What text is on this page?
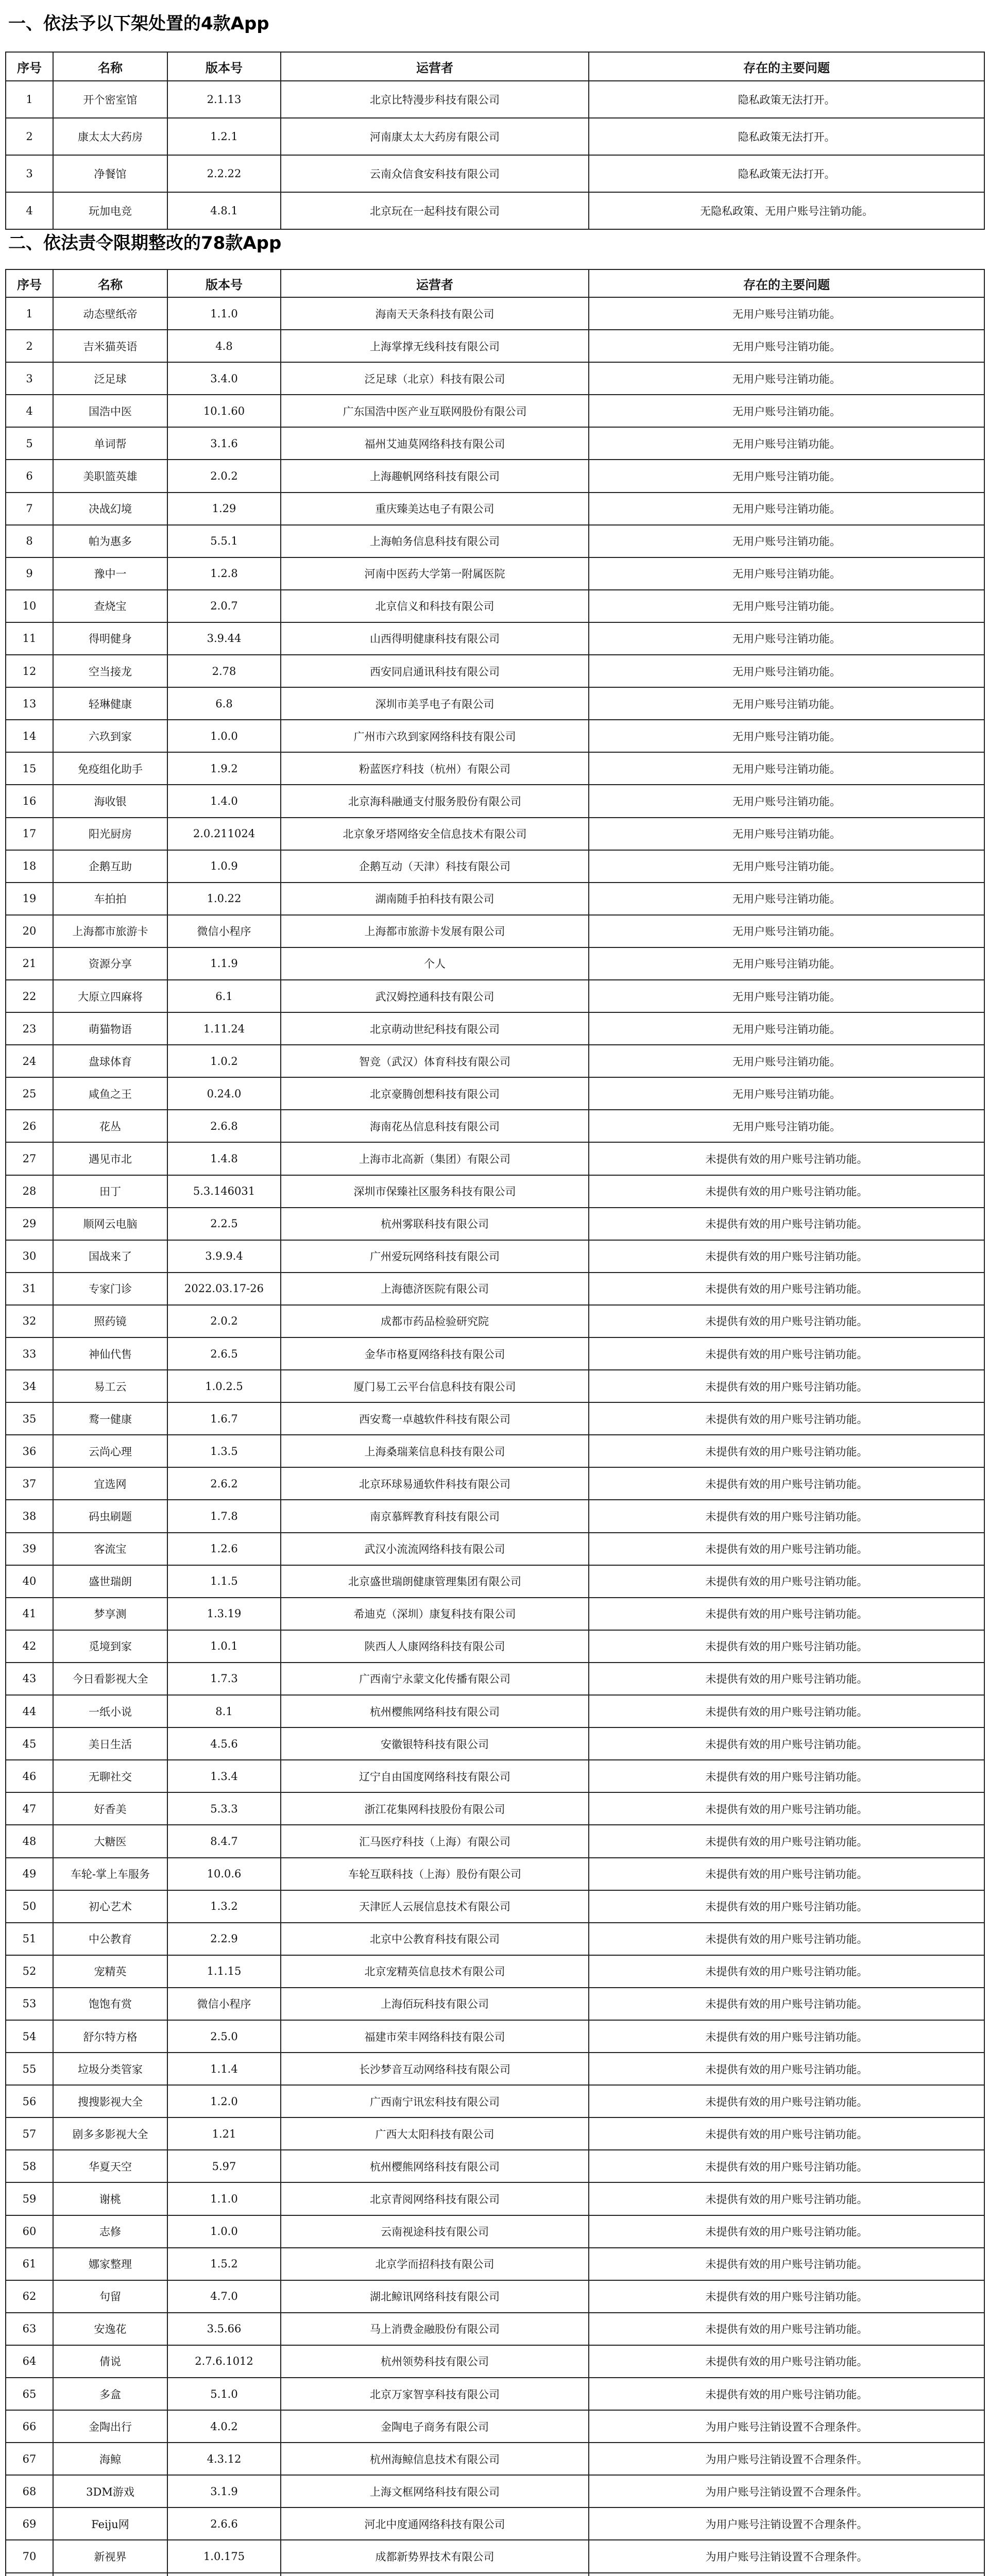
一、依法予以下架处置的4款App
序号	名称	版本号	运营者	存在的主要问题
1	开个密室馆	2.1.13	北京比特漫步科技有限公司	隐私政策无法打开。
2	康太太大药房	1.2.1	河南康太太大药房有限公司	隐私政策无法打开。
3	净餐馆	2.2.22	云南众信食安科技有限公司	隐私政策无法打开。
4	玩加电竞	4.8.1	北京玩在一起科技有限公司	无隐私政策、无用户账号注销功能。
二、依法责令限期整改的78款App
序号	名称	版本号	运营者	存在的主要问题
1	动态壁纸帝	1.1.0	海南天天条科技有限公司	无用户账号注销功能。
2	吉米猫英语	4.8	上海掌撑无线科技有限公司	无用户账号注销功能。
3	泛足球	3.4.0	泛足球（北京）科技有限公司	无用户账号注销功能。
4	国浩中医	10.1.60	广东国浩中医产业互联网股份有限公司	无用户账号注销功能。
5	单词帮	3.1.6	福州艾迪莫网络科技有限公司	无用户账号注销功能。
6	美职篮英雄	2.0.2	上海趣帆网络科技有限公司	无用户账号注销功能。
7	决战幻境	1.29	重庆臻美达电子有限公司	无用户账号注销功能。
8	帕为惠多	5.5.1	上海帕务信息科技有限公司	无用户账号注销功能。
9	豫中一	1.2.8	河南中医药大学第一附属医院	无用户账号注销功能。
10	查烧宝	2.0.7	北京信义和科技有限公司	无用户账号注销功能。
11	得明健身	3.9.44	山西得明健康科技有限公司	无用户账号注销功能。
12	空当接龙	2.78	西安同启通讯科技有限公司	无用户账号注销功能。
13	轻琳健康	6.8	深圳市美孚电子有限公司	无用户账号注销功能。
14	六玖到家	1.0.0	广州市六玖到家网络科技有限公司	无用户账号注销功能。
15	免疫组化助手	1.9.2	粉蓝医疗科技（杭州）有限公司	无用户账号注销功能。
16	海收银	1.4.0	北京海科融通支付服务股份有限公司	无用户账号注销功能。
17	阳光厨房	2.0.211024	北京象牙塔网络安全信息技术有限公司	无用户账号注销功能。
18	企鹅互助	1.0.9	企鹅互动（天津）科技有限公司	无用户账号注销功能。
19	车拍拍	1.0.22	湖南随手拍科技有限公司	无用户账号注销功能。
20	上海都市旅游卡	微信小程序	上海都市旅游卡发展有限公司	无用户账号注销功能。
21	资源分享	1.1.9	个人	无用户账号注销功能。
22	大原立四麻将	6.1	武汉姆控通科技有限公司	无用户账号注销功能。
23	萌猫物语	1.11.24	北京萌动世纪科技有限公司	无用户账号注销功能。
24	盘球体育	1.0.2	智竞（武汉）体育科技有限公司	无用户账号注销功能。
25	咸鱼之王	0.24.0	北京豪腾创想科技有限公司	无用户账号注销功能。
26	花丛	2.6.8	海南花丛信息科技有限公司	无用户账号注销功能。
27	遇见市北	1.4.8	上海市北高新（集团）有限公司	未提供有效的用户账号注销功能。
28	田丁	5.3.146031	深圳市保臻社区服务科技有限公司	未提供有效的用户账号注销功能。
29	顺网云电脑	2.2.5	杭州雾联科技有限公司	未提供有效的用户账号注销功能。
30	国战来了	3.9.9.4	广州爱玩网络科技有限公司	未提供有效的用户账号注销功能。
31	专家门诊	2022.03.17-26	上海德济医院有限公司	未提供有效的用户账号注销功能。
32	照药镜	2.0.2	成都市药品检验研究院	未提供有效的用户账号注销功能。
33	神仙代售	2.6.5	金华市格夏网络科技有限公司	未提供有效的用户账号注销功能。
34	易工云	1.0.2.5	厦门易工云平台信息科技有限公司	未提供有效的用户账号注销功能。
35	鹜一健康	1.6.7	西安鹜一卓越软件科技有限公司	未提供有效的用户账号注销功能。
36	云尚心理	1.3.5	上海桑瑞莱信息科技有限公司	未提供有效的用户账号注销功能。
37	宜选网	2.6.2	北京环球易通软件科技有限公司	未提供有效的用户账号注销功能。
38	码虫刷题	1.7.8	南京慕辉教育科技有限公司	未提供有效的用户账号注销功能。
39	客流宝	1.2.6	武汉小流流网络科技有限公司	未提供有效的用户账号注销功能。
40	盛世瑞朗	1.1.5	北京盛世瑞朗健康管理集团有限公司	未提供有效的用户账号注销功能。
41	梦享测	1.3.19	希迪克（深圳）康复科技有限公司	未提供有效的用户账号注销功能。
42	觅境到家	1.0.1	陕西人人康网络科技有限公司	未提供有效的用户账号注销功能。
43	今日看影视大全	1.7.3	广西南宁永蒙文化传播有限公司	未提供有效的用户账号注销功能。
44	一纸小说	8.1	杭州樱熊网络科技有限公司	未提供有效的用户账号注销功能。
45	美日生活	4.5.6	安徽银特科技有限公司	未提供有效的用户账号注销功能。
46	无聊社交	1.3.4	辽宁自由国度网络科技有限公司	未提供有效的用户账号注销功能。
47	好香美	5.3.3	浙江花集网科技股份有限公司	未提供有效的用户账号注销功能。
48	大糖医	8.4.7	汇马医疗科技（上海）有限公司	未提供有效的用户账号注销功能。
49	车轮-掌上车服务	10.0.6	车轮互联科技（上海）股份有限公司	未提供有效的用户账号注销功能。
50	初心艺术	1.3.2	天津匠人云展信息技术有限公司	未提供有效的用户账号注销功能。
51	中公教育	2.2.9	北京中公教育科技有限公司	未提供有效的用户账号注销功能。
52	宠精英	1.1.15	北京宠精英信息技术有限公司	未提供有效的用户账号注销功能。
53	饱饱有赏	微信小程序	上海佰玩科技有限公司	未提供有效的用户账号注销功能。
54	舒尔特方格	2.5.0	福建市荣丰网络科技有限公司	未提供有效的用户账号注销功能。
55	垃圾分类管家	1.1.4	长沙梦音互动网络科技有限公司	未提供有效的用户账号注销功能。
56	搜搜影视大全	1.2.0	广西南宁讯宏科技有限公司	未提供有效的用户账号注销功能。
57	剧多多影视大全	1.21	广西大太阳科技有限公司	未提供有效的用户账号注销功能。
58	华夏天空	5.97	杭州樱熊网络科技有限公司	未提供有效的用户账号注销功能。
59	谢桃	1.1.0	北京青阅网络科技有限公司	未提供有效的用户账号注销功能。
60	志修	1.0.0	云南视途科技有限公司	未提供有效的用户账号注销功能。
61	娜家整理	1.5.2	北京学而招科技有限公司	未提供有效的用户账号注销功能。
62	句留	4.7.0	湖北鲸讯网络科技有限公司	未提供有效的用户账号注销功能。
63	安逸花	3.5.66	马上消费金融股份有限公司	未提供有效的用户账号注销功能。
64	倩说	2.7.6.1012	杭州领势科技有限公司	未提供有效的用户账号注销功能。
65	多盒	5.1.0	北京万家智享科技有限公司	未提供有效的用户账号注销功能。
66	金陶出行	4.0.2	金陶电子商务有限公司	为用户账号注销设置不合理条件。
67	海鲸	4.3.12	杭州海鲸信息技术有限公司	为用户账号注销设置不合理条件。
68	3DM游戏	3.1.9	上海文框网络科技有限公司	为用户账号注销设置不合理条件。
69	Feiju网	2.6.6	河北中度通网络科技有限公司	为用户账号注销设置不合理条件。
70	新视界	1.0.175	成都新势界技术有限公司	为用户账号注销设置不合理条件。
